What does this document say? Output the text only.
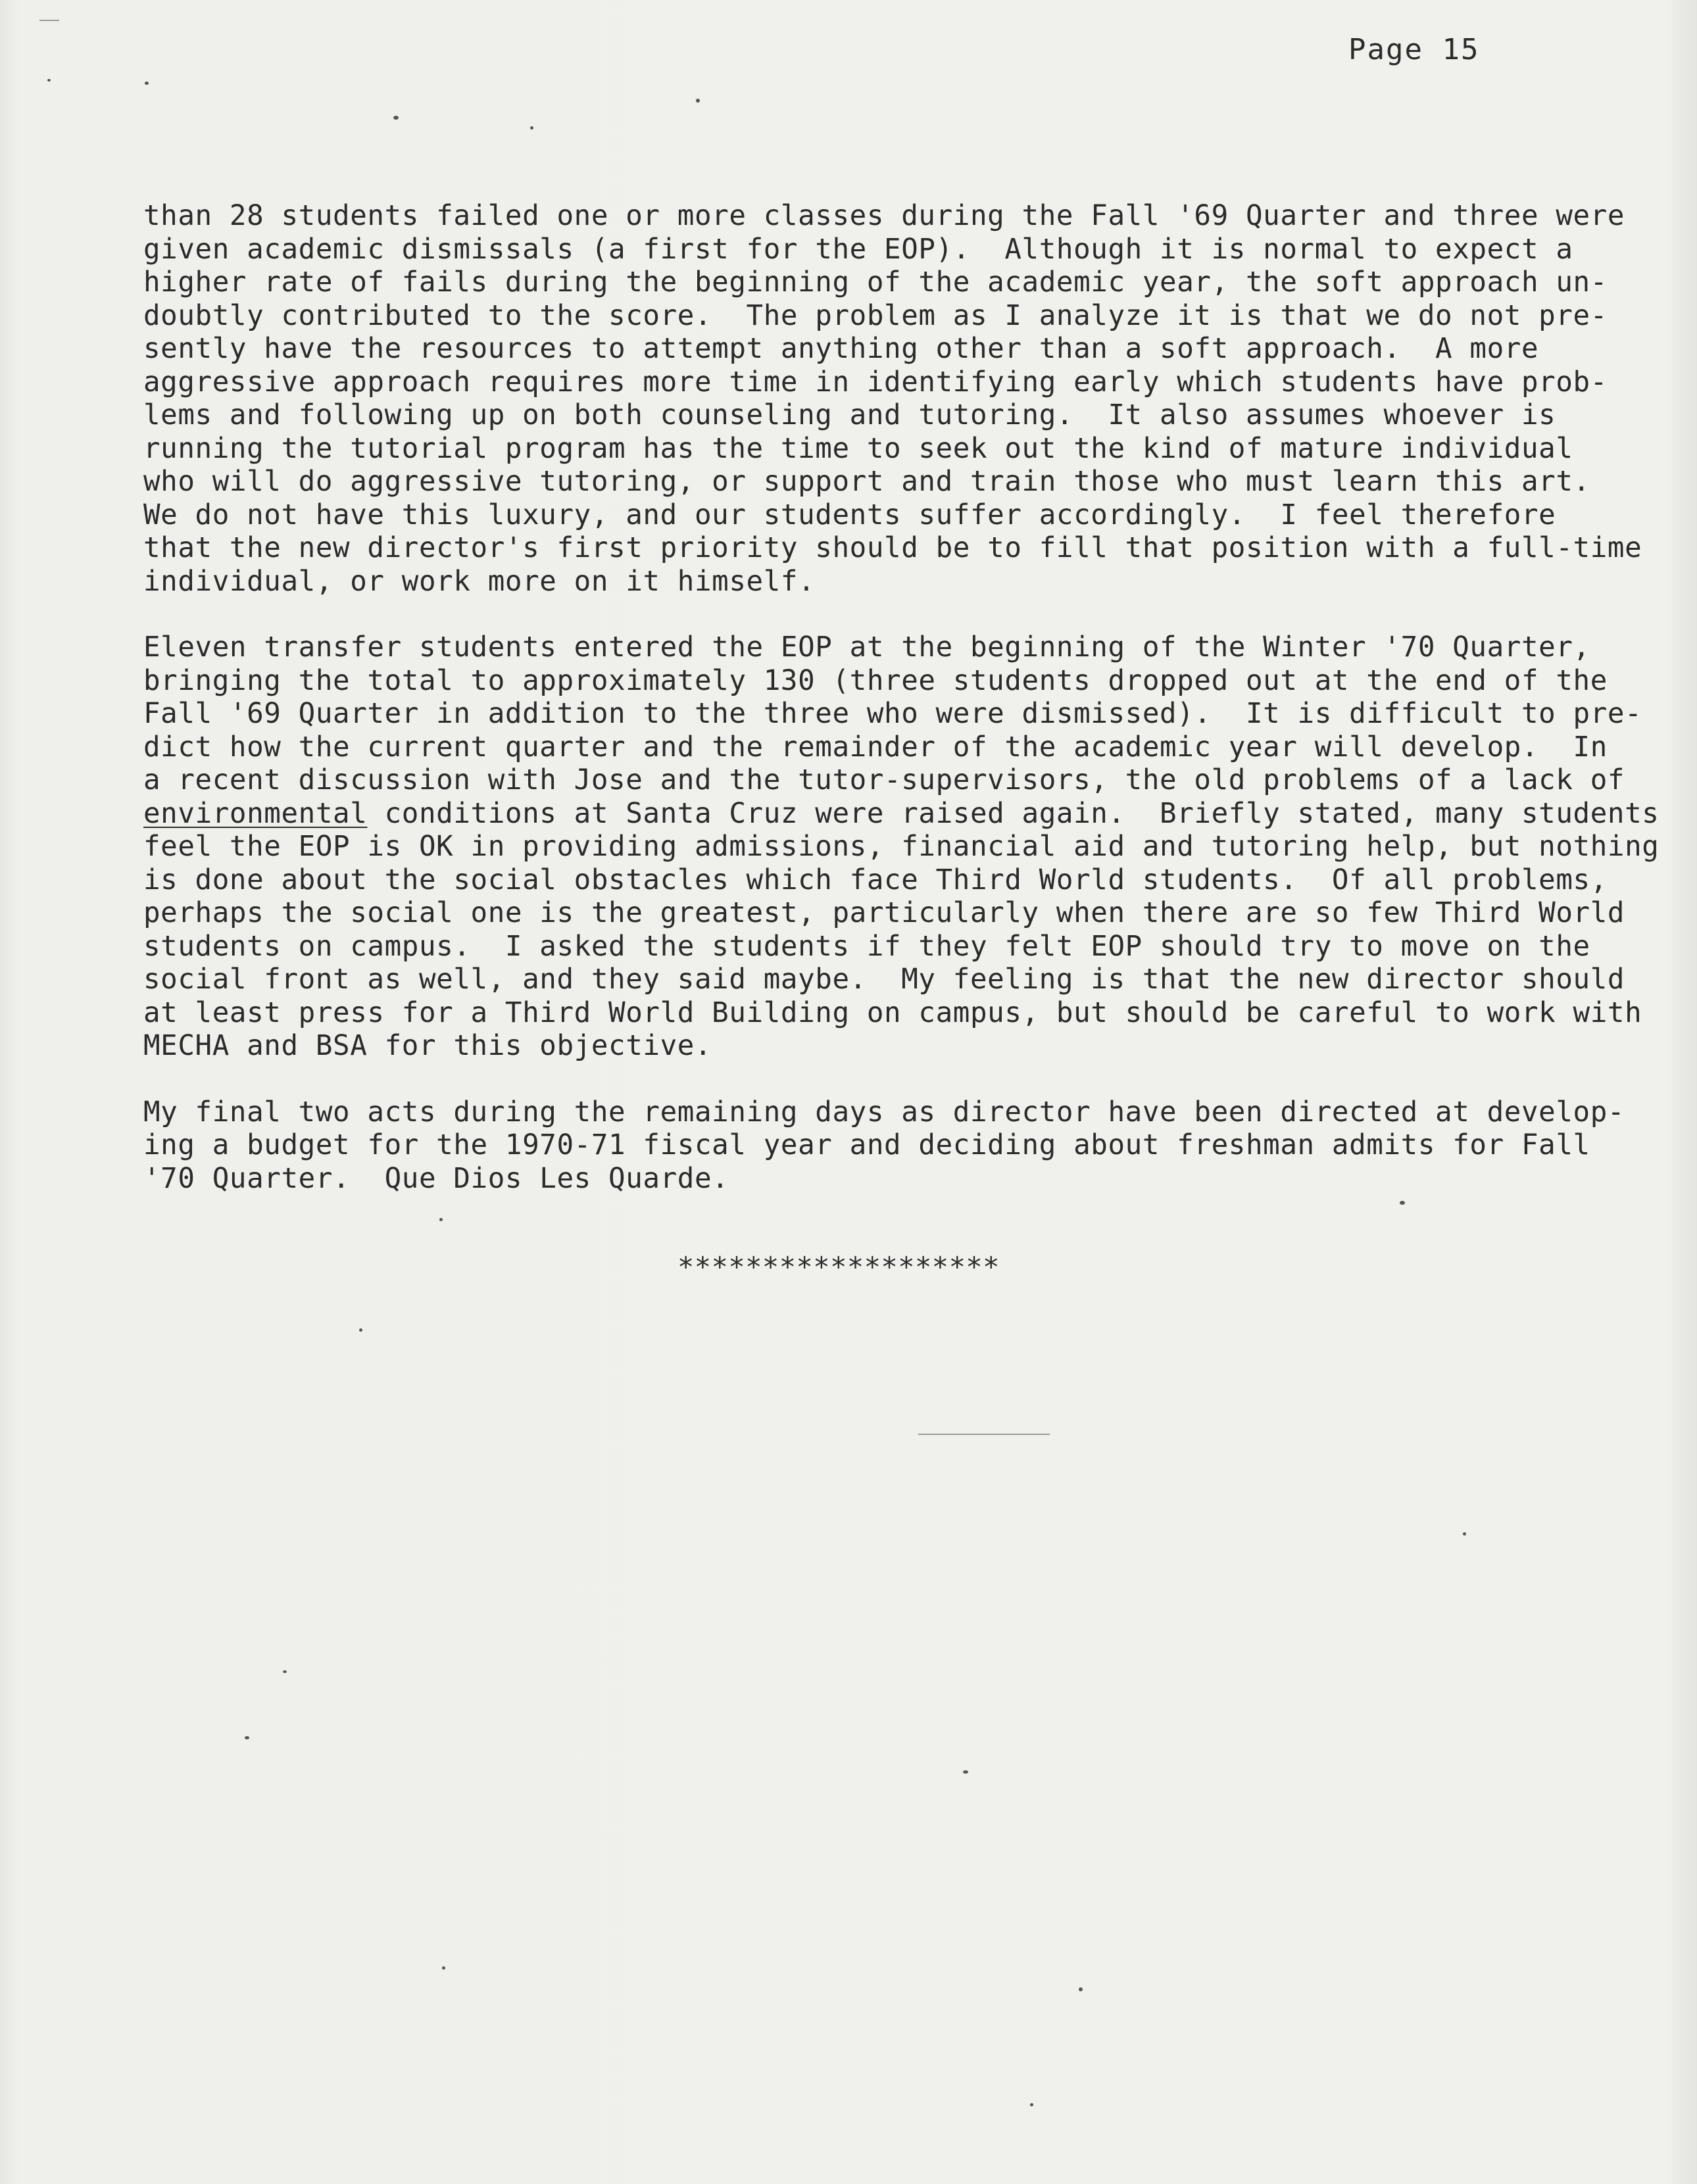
Page 15
than 28 students failed one or more classes during the Fall '69 Quarter and three were
given academic dismissals (a first for the EOP).  Although it is normal to expect a
higher rate of fails during the beginning of the academic year, the soft approach un-
doubtly contributed to the score.  The problem as I analyze it is that we do not pre-
sently have the resources to attempt anything other than a soft approach.  A more
aggressive approach requires more time in identifying early which students have prob-
lems and following up on both counseling and tutoring.  It also assumes whoever is
running the tutorial program has the time to seek out the kind of mature individual
who will do aggressive tutoring, or support and train those who must learn this art.
We do not have this luxury, and our students suffer accordingly.  I feel therefore
that the new director's first priority should be to fill that position with a full-time
individual, or work more on it himself.
Eleven transfer students entered the EOP at the beginning of the Winter '70 Quarter,
bringing the total to approximately 130 (three students dropped out at the end of the
Fall '69 Quarter in addition to the three who were dismissed).  It is difficult to pre-
dict how the current quarter and the remainder of the academic year will develop.  In
a recent discussion with Jose and the tutor-supervisors, the old problems of a lack of
environmental conditions at Santa Cruz were raised again.  Briefly stated, many students
feel the EOP is OK in providing admissions, financial aid and tutoring help, but nothing
is done about the social obstacles which face Third World students.  Of all problems,
perhaps the social one is the greatest, particularly when there are so few Third World
students on campus.  I asked the students if they felt EOP should try to move on the
social front as well, and they said maybe.  My feeling is that the new director should
at least press for a Third World Building on campus, but should be careful to work with
MECHA and BSA for this objective.
My final two acts during the remaining days as director have been directed at develop-
ing a budget for the 1970-71 fiscal year and deciding about freshman admits for Fall
'70 Quarter.  Que Dios Les Quarde.
*******************
